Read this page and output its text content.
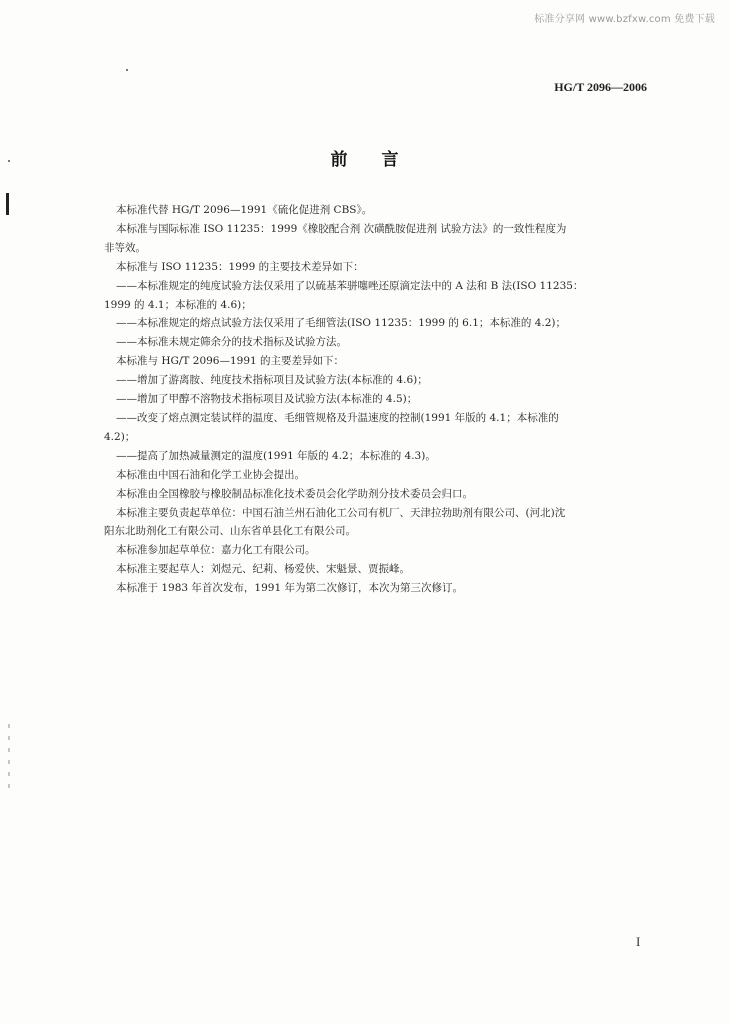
标准分享网 www.bzfxw.com 免费下载
HG/T 2096—2006
前言
ı
ı
ı
ı
ı
ı

本标准代替 HG/T 2096—1991《硫化促进剂 CBS》。

本标准与国际标准 ISO 11235：1999《橡胶配合剂 次磺酰胺促进剂 试验方法》的一致性程度为

非等效。

本标准与 ISO 11235：1999 的主要技术差异如下：

——本标准规定的纯度试验方法仅采用了以硫基苯骈噻唑还原滴定法中的 A 法和 B 法(ISO 11235：

1999 的 4.1；本标准的 4.6)；

——本标准规定的熔点试验方法仅采用了毛细管法(ISO 11235：1999 的 6.1；本标准的 4.2)；

——本标准未规定筛余分的技术指标及试验方法。

本标准与 HG/T 2096—1991 的主要差异如下：

——增加了游离胺、纯度技术指标项目及试验方法(本标准的 4.6)；

——增加了甲醇不溶物技术指标项目及试验方法(本标准的 4.5)；

——改变了熔点测定装试样的温度、毛细管规格及升温速度的控制(1991 年版的 4.1；本标准的

4.2)；

——提高了加热减量测定的温度(1991 年版的 4.2；本标准的 4.3)。

本标准由中国石油和化学工业协会提出。

本标准由全国橡胶与橡胶制品标准化技术委员会化学助剂分技术委员会归口。

本标准主要负责起草单位：中国石油兰州石油化工公司有机厂、天津拉勃助剂有限公司、(河北)沈

阳东北助剂化工有限公司、山东省单县化工有限公司。

本标准参加起草单位：嘉力化工有限公司。

本标准主要起草人：刘煜元、纪莉、杨爱侠、宋魁景、贾振峰。

本标准于 1983 年首次发布，1991 年为第二次修订，本次为第三次修订。

I
